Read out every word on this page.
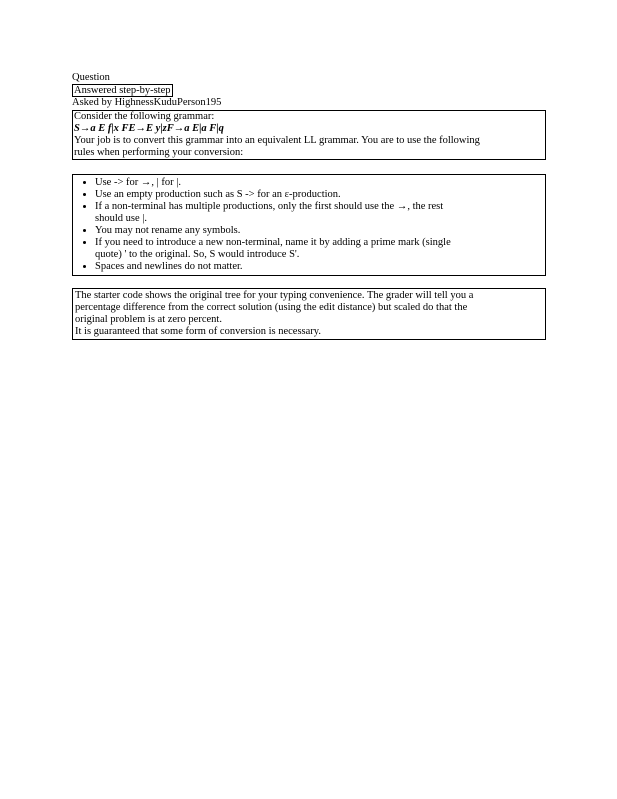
Question
Answered step-by-step
Asked by HighnessKuduPerson195
Consider the following grammar:
S→a E f|x FE→E y|zF→a E|a F|q
Your job is to convert this grammar into an equivalent LL grammar. You are to use the following
rules when performing your conversion:
• Use -> for →, | for |.
• Use an empty production such as S -> for an ε-production.
• If a non-terminal has multiple productions, only the first should use the →, the rest
should use |.
• You may not rename any symbols.
• If you need to introduce a new non-terminal, name it by adding a prime mark (single
quote) ' to the original. So, S would introduce S'.
• Spaces and newlines do not matter.
The starter code shows the original tree for your typing convenience. The grader will tell you a
percentage difference from the correct solution (using the edit distance) but scaled do that the
original problem is at zero percent.
It is guaranteed that some form of conversion is necessary.
